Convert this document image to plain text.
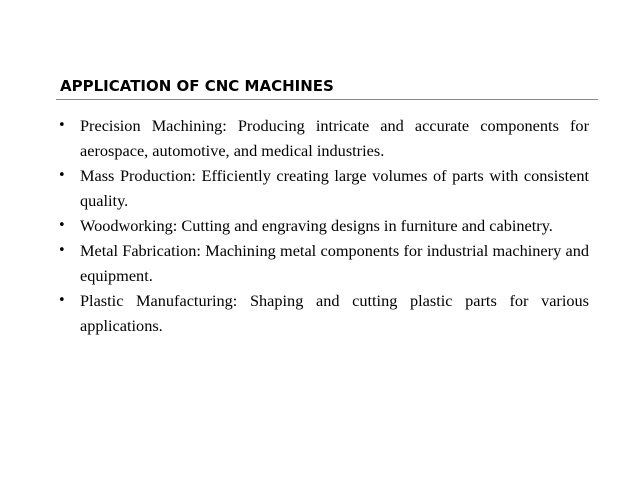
APPLICATION OF CNC MACHINES
• Precision Machining: Producing intricate and accurate components for aerospace, automotive, and medical industries.
• Mass Production: Efficiently creating large volumes of parts with consistent quality.
• Woodworking: Cutting and engraving designs in furniture and cabinetry.
• Metal Fabrication: Machining metal components for industrial machinery and equipment.
• Plastic Manufacturing: Shaping and cutting plastic parts for various applications.
